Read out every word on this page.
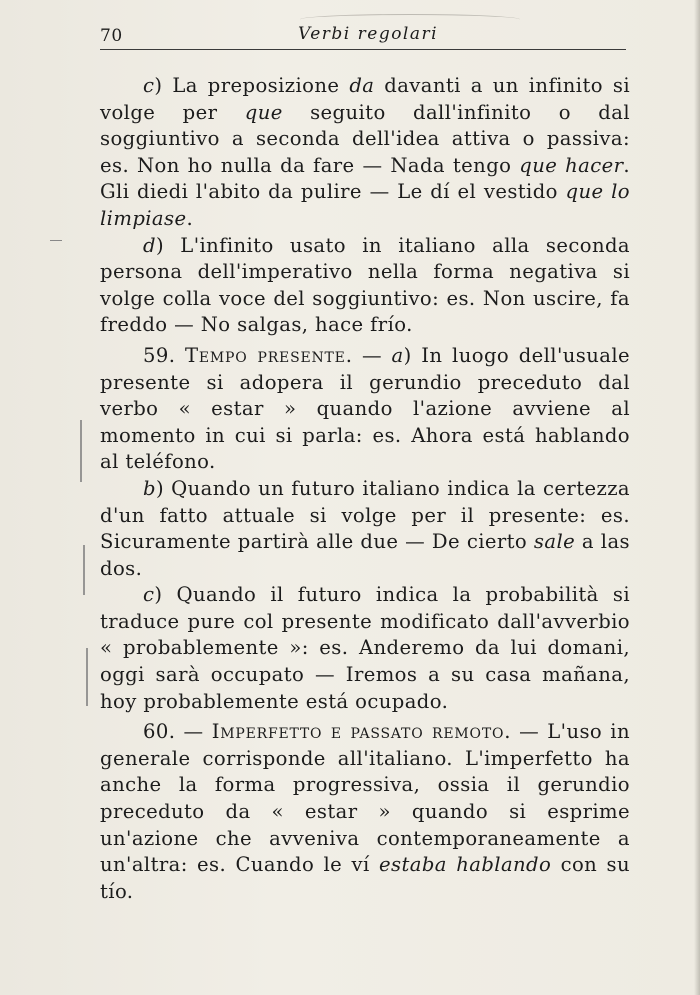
70	Verbi regolari

c) La preposizione da davanti a un infinito si volge per que seguito dall'infinito o dal soggiuntivo a seconda dell'idea attiva o passiva: es. Non ho nulla da fare — Nada tengo que hacer. Gli diedi l'abito da pulire — Le dí el vestido que lo limpiase.

d) L'infinito usato in italiano alla seconda persona dell'imperativo nella forma negativa si volge colla voce del soggiuntivo: es. Non uscire, fa freddo — No salgas, hace frío.

59. Tempo presente. — a) In luogo dell'usuale presente si adopera il gerundio preceduto dal verbo « estar » quando l'azione avviene al momento in cui si parla: es. Ahora está hablando al teléfono.

b) Quando un futuro italiano indica la certezza d'un fatto attuale si volge per il presente: es. Sicuramente partirà alle due — De cierto sale a las dos.

c) Quando il futuro indica la probabilità si traduce pure col presente modificato dall'avverbio « probablemente »: es. Anderemo da lui domani, oggi sarà occupato — Iremos a su casa mañana, hoy probablemente está ocupado.

60. — Imperfetto e passato remoto. — L'uso in generale corrisponde all'italiano. L'imperfetto ha anche la forma progressiva, ossia il gerundio preceduto da « estar » quando si esprime un'azione che avveniva contemporaneamente a un'altra: es. Cuando le ví estaba hablando con su tío.
